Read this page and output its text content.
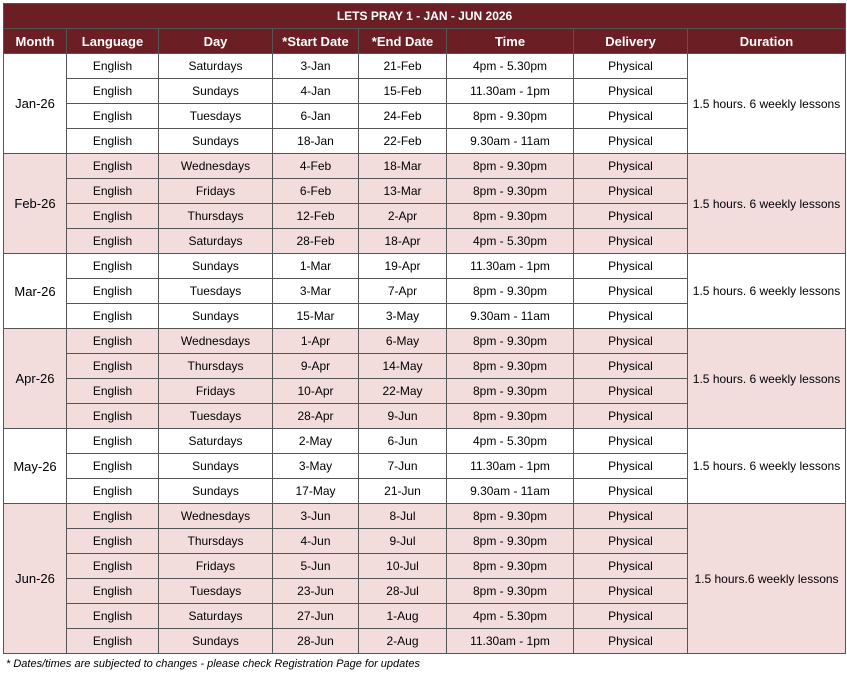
LETS PRAY 1 - JAN - JUN 2026							
Month	Language	Day	*Start Date	*End Date	Time	Delivery	Duration
Jan-26	English	Saturdays	3-Jan	21-Feb	4pm - 5.30pm	Physical	1.5 hours. 6 weekly lessons
	English	Sundays	4-Jan	15-Feb	11.30am - 1pm	Physical	
	English	Tuesdays	6-Jan	24-Feb	8pm - 9.30pm	Physical	
	English	Sundays	18-Jan	22-Feb	9.30am - 11am	Physical	
Feb-26	English	Wednesdays	4-Feb	18-Mar	8pm - 9.30pm	Physical	1.5 hours. 6 weekly lessons
	English	Fridays	6-Feb	13-Mar	8pm - 9.30pm	Physical	
	English	Thursdays	12-Feb	2-Apr	8pm - 9.30pm	Physical	
	English	Saturdays	28-Feb	18-Apr	4pm - 5.30pm	Physical	
Mar-26	English	Sundays	1-Mar	19-Apr	11.30am - 1pm	Physical	1.5 hours. 6 weekly lessons
	English	Tuesdays	3-Mar	7-Apr	8pm - 9.30pm	Physical	
	English	Sundays	15-Mar	3-May	9.30am - 11am	Physical	
Apr-26	English	Wednesdays	1-Apr	6-May	8pm - 9.30pm	Physical	1.5 hours. 6 weekly lessons
	English	Thursdays	9-Apr	14-May	8pm - 9.30pm	Physical	
	English	Fridays	10-Apr	22-May	8pm - 9.30pm	Physical	
	English	Tuesdays	28-Apr	9-Jun	8pm - 9.30pm	Physical	
May-26	English	Saturdays	2-May	6-Jun	4pm - 5.30pm	Physical	1.5 hours. 6 weekly lessons
	English	Sundays	3-May	7-Jun	11.30am - 1pm	Physical	
	English	Sundays	17-May	21-Jun	9.30am - 11am	Physical	
Jun-26	English	Wednesdays	3-Jun	8-Jul	8pm - 9.30pm	Physical	1.5 hours.6 weekly lessons
	English	Thursdays	4-Jun	9-Jul	8pm - 9.30pm	Physical	
	English	Fridays	5-Jun	10-Jul	8pm - 9.30pm	Physical	
	English	Tuesdays	23-Jun	28-Jul	8pm - 9.30pm	Physical	
	English	Saturdays	27-Jun	1-Aug	4pm - 5.30pm	Physical	
	English	Sundays	28-Jun	2-Aug	11.30am - 1pm	Physical	
* Dates/times are subjected to changes - please check Registration Page for updates
